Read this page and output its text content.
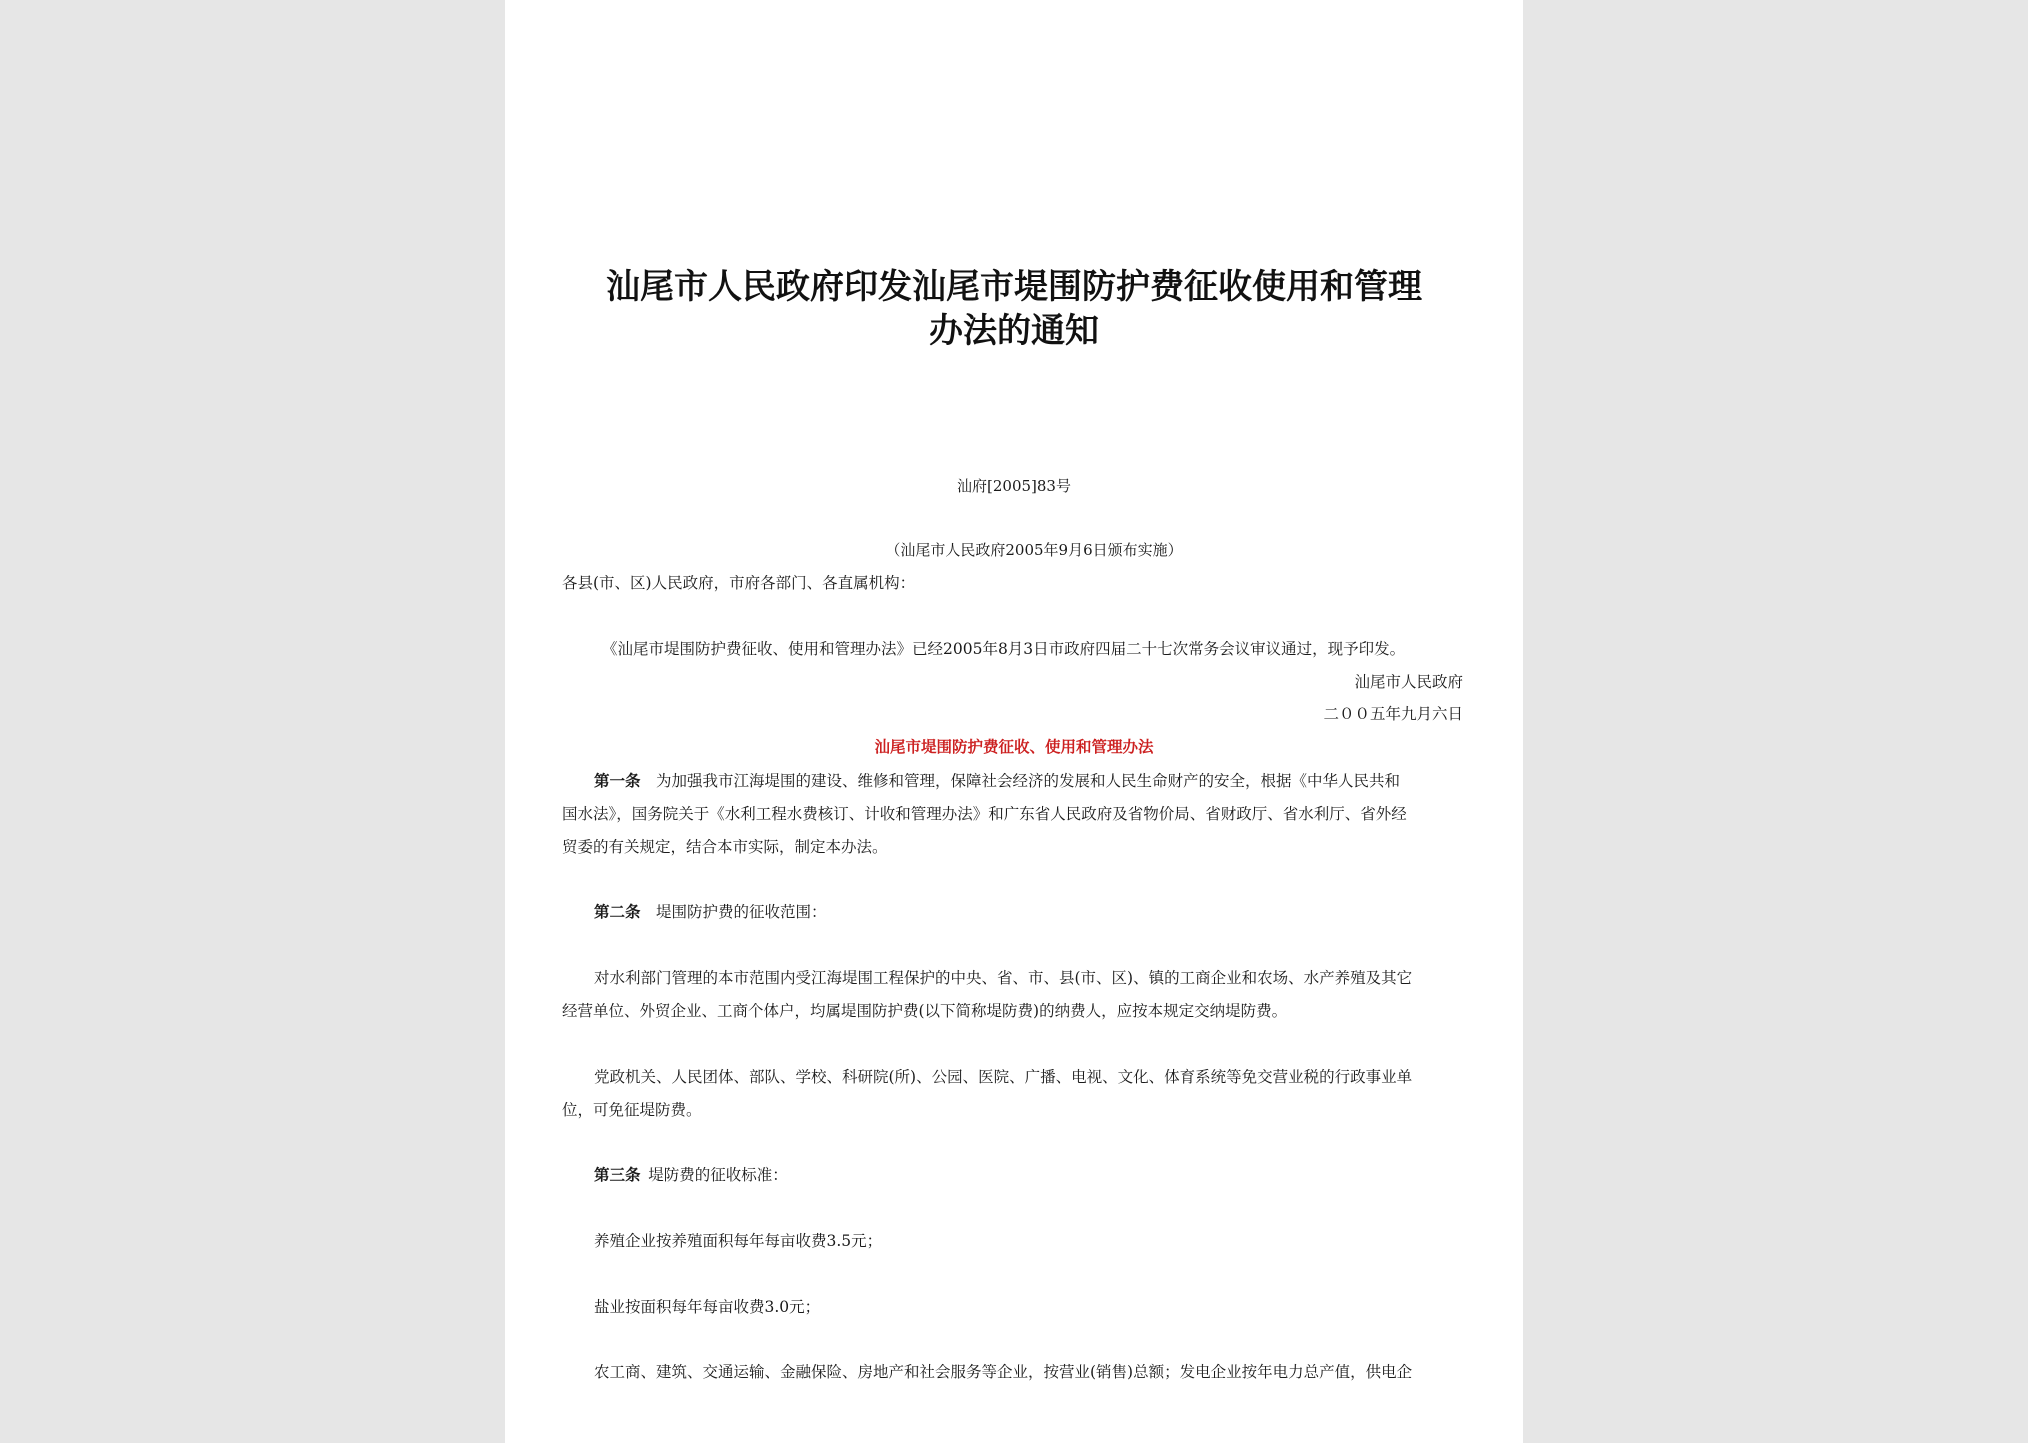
汕尾市人民政府印发汕尾市堤围防护费征收使用和管理
办法的通知

汕府[2005]83号

（汕尾市人民政府2005年9月6日颁布实施）

各县(市、区)人民政府，市府各部门、各直属机构：

《汕尾市堤围防护费征收、使用和管理办法》已经2005年8月3日市政府四届二十七次常务会议审议通过，现予印发。

汕尾市人民政府

二００五年九月六日

汕尾市堤围防护费征收、使用和管理办法

第一条　 为加强我市江海堤围的建设、维修和管理，保障社会经济的发展和人民生命财产的安全，根据《中华人民共和

国水法》，国务院关于《水利工程水费核订、计收和管理办法》和广东省人民政府及省物价局、省财政厅、省水利厅、省外经

贸委的有关规定，结合本市实际，制定本办法。

第二条　 堤围防护费的征收范围：

对水利部门管理的本市范围内受江海堤围工程保护的中央、省、市、县(市、区)、镇的工商企业和农场、水产养殖及其它

经营单位、外贸企业、工商个体户，均属堤围防护费(以下简称堤防费)的纳费人，应按本规定交纳堤防费。

党政机关、人民团体、部队、学校、科研院(所)、公园、医院、广播、电视、文化、体育系统等免交营业税的行政事业单

位，可免征堤防费。

第三条  堤防费的征收标准：

养殖企业按养殖面积每年每亩收费3.5元；

盐业按面积每年每亩收费3.0元；

农工商、建筑、交通运输、金融保险、房地产和社会服务等企业，按营业(销售)总额；发电企业按年电力总产值，供电企
